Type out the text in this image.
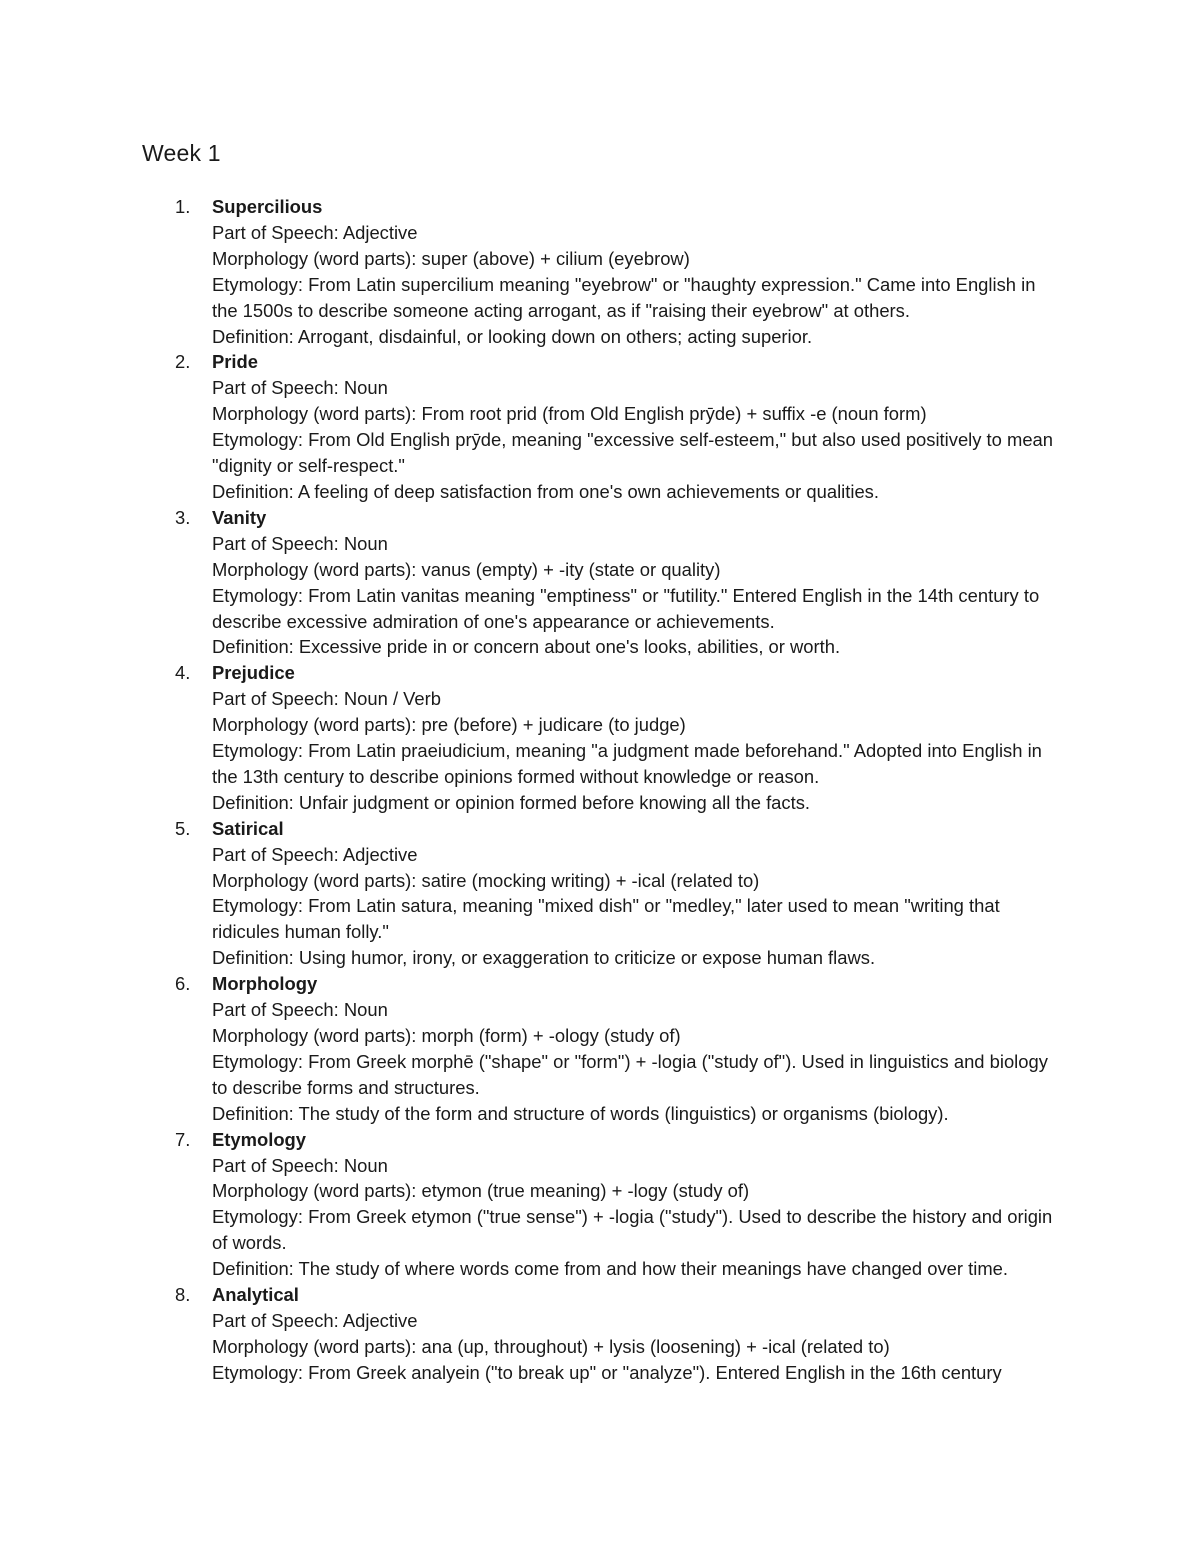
Week 1
1.	Supercilious
Part of Speech: Adjective
Morphology (word parts): super (above) + cilium (eyebrow)
Etymology: From Latin supercilium meaning "eyebrow" or "haughty expression." Came into English in the 1500s to describe someone acting arrogant, as if "raising their eyebrow" at others.
Definition: Arrogant, disdainful, or looking down on others; acting superior.
2.	Pride
Part of Speech: Noun
Morphology (word parts): From root prid (from Old English prȳde) + suffix -e (noun form)
Etymology: From Old English prȳde, meaning "excessive self-esteem," but also used positively to mean "dignity or self-respect."
Definition: A feeling of deep satisfaction from one's own achievements or qualities.
3.	Vanity
Part of Speech: Noun
Morphology (word parts): vanus (empty) + -ity (state or quality)
Etymology: From Latin vanitas meaning "emptiness" or "futility." Entered English in the 14th century to describe excessive admiration of one's appearance or achievements.
Definition: Excessive pride in or concern about one's looks, abilities, or worth.
4.	Prejudice
Part of Speech: Noun / Verb
Morphology (word parts): pre (before) + judicare (to judge)
Etymology: From Latin praeiudicium, meaning "a judgment made beforehand." Adopted into English in the 13th century to describe opinions formed without knowledge or reason.
Definition: Unfair judgment or opinion formed before knowing all the facts.
5.	Satirical
Part of Speech: Adjective
Morphology (word parts): satire (mocking writing) + -ical (related to)
Etymology: From Latin satura, meaning "mixed dish" or "medley," later used to mean "writing that ridicules human folly."
Definition: Using humor, irony, or exaggeration to criticize or expose human flaws.
6.	Morphology
Part of Speech: Noun
Morphology (word parts): morph (form) + -ology (study of)
Etymology: From Greek morphē ("shape" or "form") + -logia ("study of"). Used in linguistics and biology to describe forms and structures.
Definition: The study of the form and structure of words (linguistics) or organisms (biology).
7.	Etymology
Part of Speech: Noun
Morphology (word parts): etymon (true meaning) + -logy (study of)
Etymology: From Greek etymon ("true sense") + -logia ("study"). Used to describe the history and origin of words.
Definition: The study of where words come from and how their meanings have changed over time.
8.	Analytical
Part of Speech: Adjective
Morphology (word parts): ana (up, throughout) + lysis (loosening) + -ical (related to)
Etymology: From Greek analyein ("to break up" or "analyze"). Entered English in the 16th century
